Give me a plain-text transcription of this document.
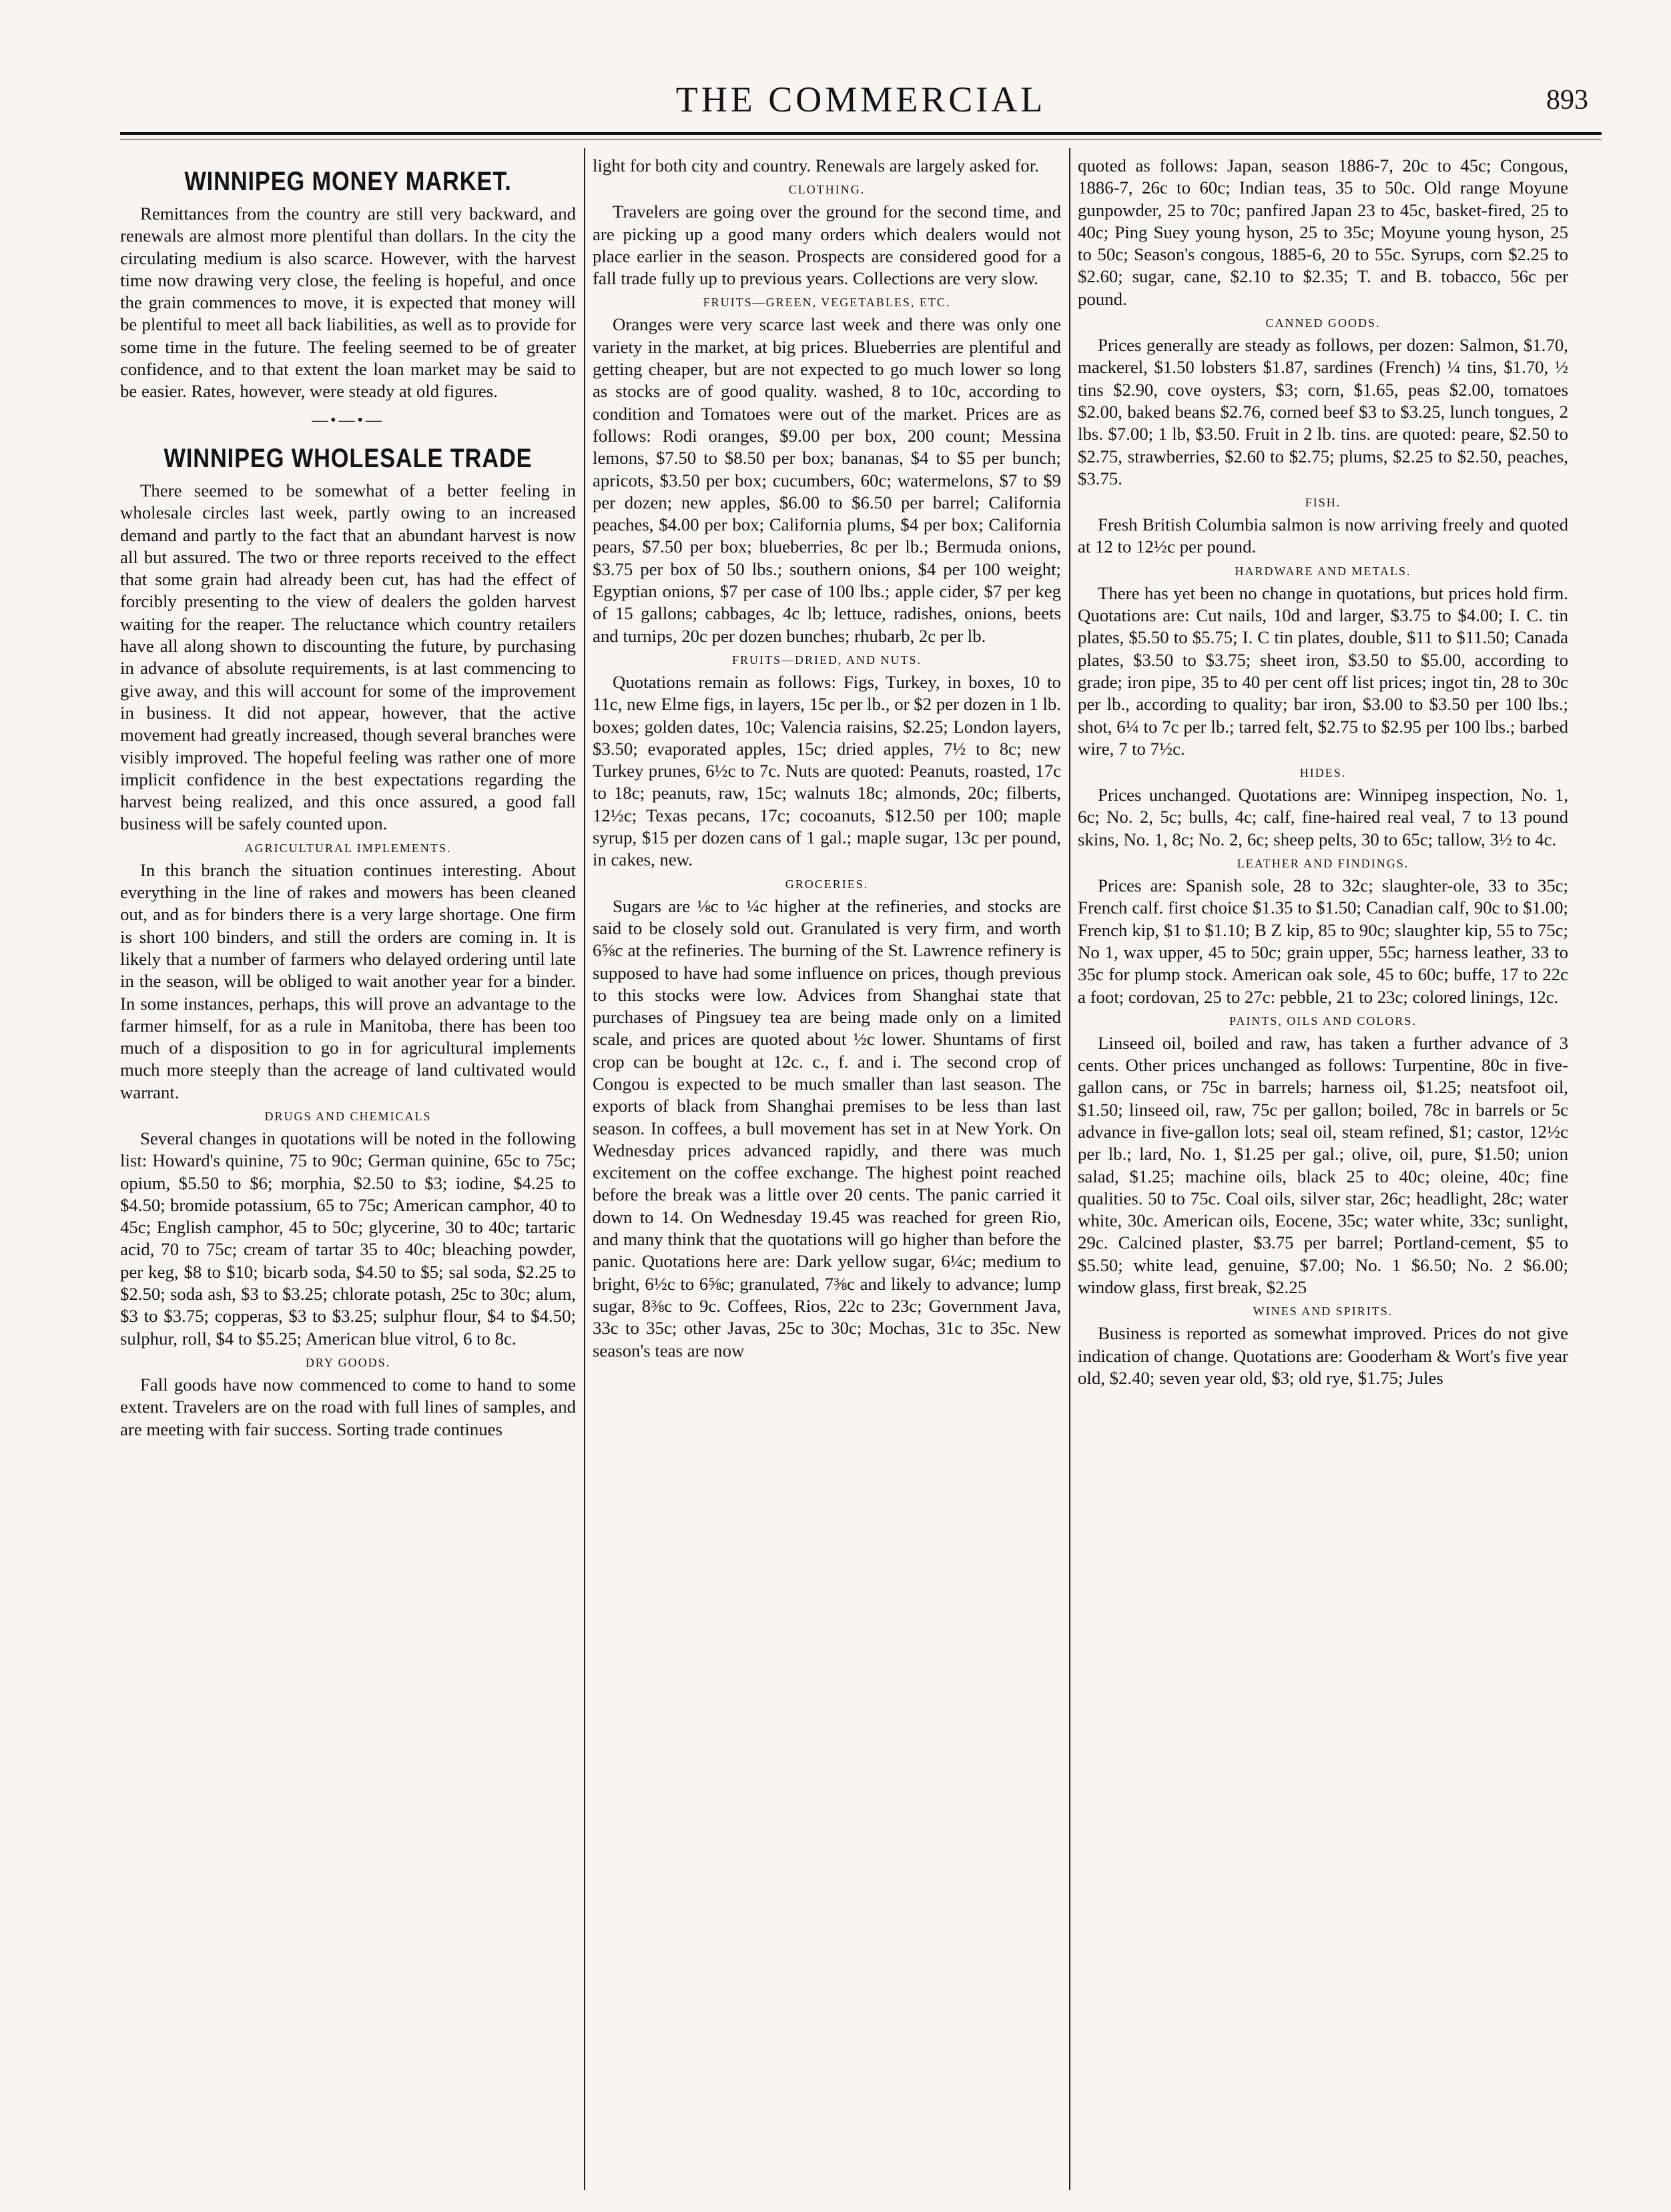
THE COMMERCIAL	893
WINNIPEG MONEY MARKET.

Remittances from the country are still very backward, and renewals are almost more plentiful than dollars. In the city the circulating medium is also scarce. However, with the harvest time now drawing very close, the feeling is hopeful, and once the grain commences to move, it is expected that money will be plentiful to meet all back liabilities, as well as to provide for some time in the future. The feeling seemed to be of greater confidence, and to that extent the loan market may be said to be easier. Rates, however, were steady at old figures.

—•—•—
WINNIPEG WHOLESALE TRADE

There seemed to be somewhat of a better feeling in wholesale circles last week, partly owing to an increased demand and partly to the fact that an abundant harvest is now all but assured. The two or three reports received to the effect that some grain had already been cut, has had the effect of forcibly presenting to the view of dealers the golden harvest waiting for the reaper. The reluctance which country retailers have all along shown to discounting the future, by purchasing in advance of absolute requirements, is at last commencing to give away, and this will account for some of the improvement in business. It did not appear, however, that the active movement had greatly increased, though several branches were visibly improved. The hopeful feeling was rather one of more implicit confidence in the best expectations regarding the harvest being realized, and this once assured, a good fall business will be safely counted upon.

AGRICULTURAL IMPLEMENTS.

In this branch the situation continues interesting. About everything in the line of rakes and mowers has been cleaned out, and as for binders there is a very large shortage. One firm is short 100 binders, and still the orders are coming in. It is likely that a number of farmers who delayed ordering until late in the season, will be obliged to wait another year for a binder. In some instances, perhaps, this will prove an advantage to the farmer himself, for as a rule in Manitoba, there has been too much of a disposition to go in for agricultural implements much more steeply than the acreage of land cultivated would warrant.

DRUGS AND CHEMICALS

Several changes in quotations will be noted in the following list: Howard's quinine, 75 to 90c; German quinine, 65c to 75c; opium, $5.50 to $6; morphia, $2.50 to $3; iodine, $4.25 to $4.50; bromide potassium, 65 to 75c; American camphor, 40 to 45c; English camphor, 45 to 50c; glycerine, 30 to 40c; tartaric acid, 70 to 75c; cream of tartar 35 to 40c; bleaching powder, per keg, $8 to $10; bicarb soda, $4.50 to $5; sal soda, $2.25 to $2.50; soda ash, $3 to $3.25; chlorate potash, 25c to 30c; alum, $3 to $3.75; copperas, $3 to $3.25; sulphur flour, $4 to $4.50; sulphur, roll, $4 to $5.25; American blue vitrol, 6 to 8c.

DRY GOODS.

Fall goods have now commenced to come to hand to some extent. Travelers are on the road with full lines of samples, and are meeting with fair success. Sorting trade continues

light for both city and country. Renewals are largely asked for.

CLOTHING.

Travelers are going over the ground for the second time, and are picking up a good many orders which dealers would not place earlier in the season. Prospects are considered good for a fall trade fully up to previous years. Collections are very slow.

FRUITS—GREEN, VEGETABLES, ETC.

Oranges were very scarce last week and there was only one variety in the market, at big prices. Blueberries are plentiful and getting cheaper, but are not expected to go much lower so long as stocks are of good quality. washed, 8 to 10c, according to condition and Tomatoes were out of the market. Prices are as follows: Rodi oranges, $9.00 per box, 200 count; Messina lemons, $7.50 to $8.50 per box; bananas, $4 to $5 per bunch; apricots, $3.50 per box; cucumbers, 60c; watermelons, $7 to $9 per dozen; new apples, $6.00 to $6.50 per barrel; California peaches, $4.00 per box; California plums, $4 per box; California pears, $7.50 per box; blueberries, 8c per lb.; Bermuda onions, $3.75 per box of 50 lbs.; southern onions, $4 per 100 weight; Egyptian onions, $7 per case of 100 lbs.; apple cider, $7 per keg of 15 gallons; cabbages, 4c lb; lettuce, radishes, onions, beets and turnips, 20c per dozen bunches; rhubarb, 2c per lb.

FRUITS—DRIED, AND NUTS.

Quotations remain as follows: Figs, Turkey, in boxes, 10 to 11c, new Elme figs, in layers, 15c per lb., or $2 per dozen in 1 lb. boxes; golden dates, 10c; Valencia raisins, $2.25; London layers, $3.50; evaporated apples, 15c; dried apples, 7½ to 8c; new Turkey prunes, 6½c to 7c. Nuts are quoted: Peanuts, roasted, 17c to 18c; peanuts, raw, 15c; walnuts 18c; almonds, 20c; filberts, 12½c; Texas pecans, 17c; cocoanuts, $12.50 per 100; maple syrup, $15 per dozen cans of 1 gal.; maple sugar, 13c per pound, in cakes, new.

GROCERIES.

Sugars are ⅛c to ¼c higher at the refineries, and stocks are said to be closely sold out. Granulated is very firm, and worth 6⅝c at the refineries. The burning of the St. Lawrence refinery is supposed to have had some influence on prices, though previous to this stocks were low. Advices from Shanghai state that purchases of Pingsuey tea are being made only on a limited scale, and prices are quoted about ½c lower. Shuntams of first crop can be bought at 12c. c., f. and i. The second crop of Congou is expected to be much smaller than last season. The exports of black from Shanghai premises to be less than last season. In coffees, a bull movement has set in at New York. On Wednesday prices advanced rapidly, and there was much excitement on the coffee exchange. The highest point reached before the break was a little over 20 cents. The panic carried it down to 14. On Wednesday 19.45 was reached for green Rio, and many think that the quotations will go higher than before the panic. Quotations here are: Dark yellow sugar, 6¼c; medium to bright, 6½c to 6⅝c; granulated, 7⅜c and likely to advance; lump sugar, 8⅜c to 9c. Coffees, Rios, 22c to 23c; Government Java, 33c to 35c; other Javas, 25c to 30c; Mochas, 31c to 35c. New season's teas are now

quoted as follows: Japan, season 1886-7, 20c to 45c; Congous, 1886-7, 26c to 60c; Indian teas, 35 to 50c. Old range Moyune gunpowder, 25 to 70c; panfired Japan 23 to 45c, basket-fired, 25 to 40c; Ping Suey young hyson, 25 to 35c; Moyune young hyson, 25 to 50c; Season's congous, 1885-6, 20 to 55c. Syrups, corn $2.25 to $2.60; sugar, cane, $2.10 to $2.35; T. and B. tobacco, 56c per pound.

CANNED GOODS.

Prices generally are steady as follows, per dozen: Salmon, $1.70, mackerel, $1.50 lobsters $1.87, sardines (French) ¼ tins, $1.70, ½ tins $2.90, cove oysters, $3; corn, $1.65, peas $2.00, tomatoes $2.00, baked beans $2.76, corned beef $3 to $3.25, lunch tongues, 2 lbs. $7.00; 1 lb, $3.50. Fruit in 2 lb. tins. are quoted: peare, $2.50 to $2.75, strawberries, $2.60 to $2.75; plums, $2.25 to $2.50, peaches, $3.75.

FISH.

Fresh British Columbia salmon is now arriving freely and quoted at 12 to 12½c per pound.

HARDWARE AND METALS.

There has yet been no change in quotations, but prices hold firm. Quotations are: Cut nails, 10d and larger, $3.75 to $4.00; I. C. tin plates, $5.50 to $5.75; I. C tin plates, double, $11 to $11.50; Canada plates, $3.50 to $3.75; sheet iron, $3.50 to $5.00, according to grade; iron pipe, 35 to 40 per cent off list prices; ingot tin, 28 to 30c per lb., according to quality; bar iron, $3.00 to $3.50 per 100 lbs.; shot, 6¼ to 7c per lb.; tarred felt, $2.75 to $2.95 per 100 lbs.; barbed wire, 7 to 7½c.

HIDES.

Prices unchanged. Quotations are: Winnipeg inspection, No. 1, 6c; No. 2, 5c; bulls, 4c; calf, fine-haired real veal, 7 to 13 pound skins, No. 1, 8c; No. 2, 6c; sheep pelts, 30 to 65c; tallow, 3½ to 4c.

LEATHER AND FINDINGS.

Prices are: Spanish sole, 28 to 32c; slaughter-ole, 33 to 35c; French calf. first choice $1.35 to $1.50; Canadian calf, 90c to $1.00; French kip, $1 to $1.10; B Z kip, 85 to 90c; slaughter kip, 55 to 75c; No 1, wax upper, 45 to 50c; grain upper, 55c; harness leather, 33 to 35c for plump stock. American oak sole, 45 to 60c; buffe, 17 to 22c a foot; cordovan, 25 to 27c: pebble, 21 to 23c; colored linings, 12c.

PAINTS, OILS AND COLORS.

Linseed oil, boiled and raw, has taken a further advance of 3 cents. Other prices unchanged as follows: Turpentine, 80c in five-gallon cans, or 75c in barrels; harness oil, $1.25; neatsfoot oil, $1.50; linseed oil, raw, 75c per gallon; boiled, 78c in barrels or 5c advance in five-gallon lots; seal oil, steam refined, $1; castor, 12½c per lb.; lard, No. 1, $1.25 per gal.; olive, oil, pure, $1.50; union salad, $1.25; machine oils, black 25 to 40c; oleine, 40c; fine qualities. 50 to 75c. Coal oils, silver star, 26c; headlight, 28c; water white, 30c. American oils, Eocene, 35c; water white, 33c; sunlight, 29c. Calcined plaster, $3.75 per barrel; Portland-cement, $5 to $5.50; white lead, genuine, $7.00; No. 1 $6.50; No. 2 $6.00; window glass, first break, $2.25

WINES AND SPIRITS.

Business is reported as somewhat improved. Prices do not give indication of change. Quotations are: Gooderham & Wort's five year old, $2.40; seven year old, $3; old rye, $1.75; Jules
